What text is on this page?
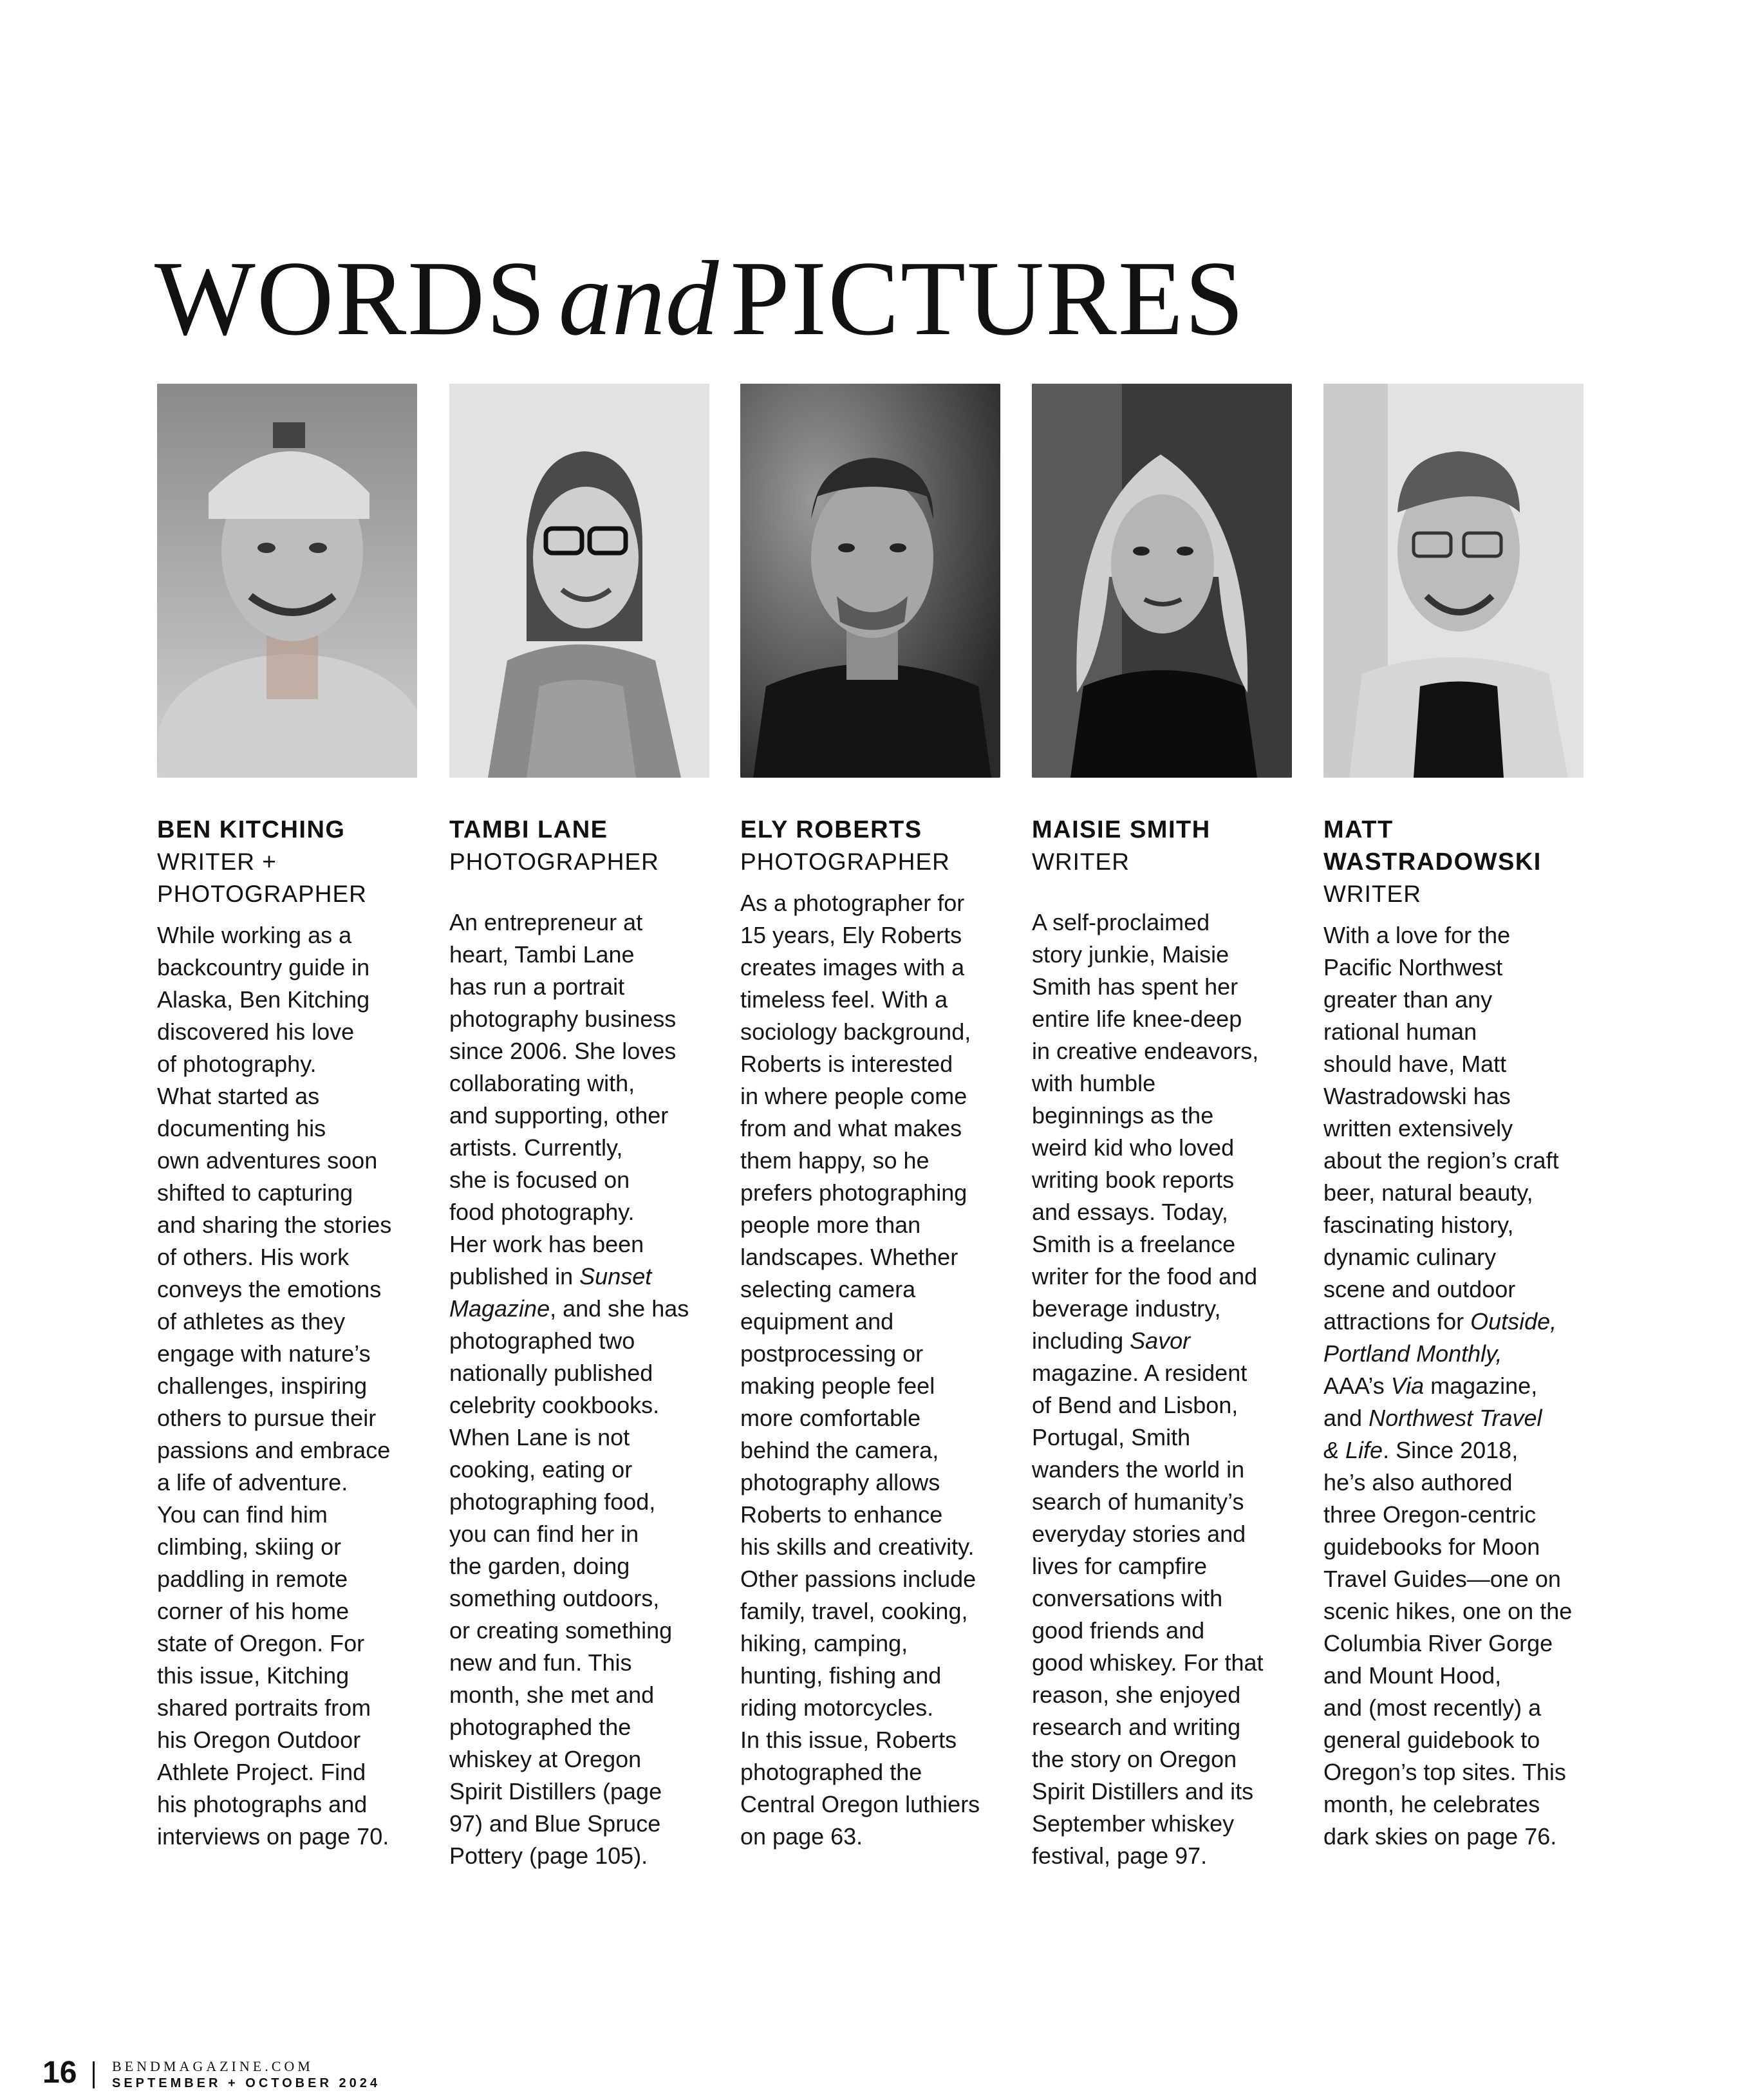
WORDS and PICTURES

BEN KITCHING

WRITER +
PHOTOGRAPHER

While working as a
backcountry guide in
Alaska, Ben Kitching
discovered his love
of photography.
What started as
documenting his
own adventures soon
shifted to capturing
and sharing the stories
of others. His work
conveys the emotions
of athletes as they
engage with nature’s
challenges, inspiring
others to pursue their
passions and embrace
a life of adventure.
You can find him
climbing, skiing or
paddling in remote
corner of his home
state of Oregon. For
this issue, Kitching
shared portraits from
his Oregon Outdoor
Athlete Project. Find
his photographs and
interviews on page 70.

TAMBI LANE

PHOTOGRAPHER

An entrepreneur at
heart, Tambi Lane
has run a portrait
photography business
since 2006. She loves
collaborating with,
and supporting, other
artists. Currently,
she is focused on
food photography.
Her work has been
published in Sunset
Magazine, and she has
photographed two
nationally published
celebrity cookbooks.
When Lane is not
cooking, eating or
photographing food,
you can find her in
the garden, doing
something outdoors,
or creating something
new and fun. This
month, she met and
photographed the
whiskey at Oregon
Spirit Distillers (page
97) and Blue Spruce
Pottery (page 105).

ELY ROBERTS

PHOTOGRAPHER

As a photographer for
15 years, Ely Roberts
creates images with a
timeless feel. With a
sociology background,
Roberts is interested
in where people come
from and what makes
them happy, so he
prefers photographing
people more than
landscapes. Whether
selecting camera
equipment and
postprocessing or
making people feel
more comfortable
behind the camera,
photography allows
Roberts to enhance
his skills and creativity.
Other passions include
family, travel, cooking,
hiking, camping,
hunting, fishing and
riding motorcycles.
In this issue, Roberts
photographed the
Central Oregon luthiers
on page 63.

MAISIE SMITH

WRITER

A self-proclaimed
story junkie, Maisie
Smith has spent her
entire life knee-deep
in creative endeavors,
with humble
beginnings as the
weird kid who loved
writing book reports
and essays. Today,
Smith is a freelance
writer for the food and
beverage industry,
including Savor
magazine. A resident
of Bend and Lisbon,
Portugal, Smith
wanders the world in
search of humanity’s
everyday stories and
lives for campfire
conversations with
good friends and
good whiskey. For that
reason, she enjoyed
research and writing
the story on Oregon
Spirit Distillers and its
September whiskey
festival, page 97.

MATT
WASTRADOWSKI

WRITER

With a love for the
Pacific Northwest
greater than any
rational human
should have, Matt
Wastradowski has
written extensively
about the region’s craft
beer, natural beauty,
fascinating history,
dynamic culinary
scene and outdoor
attractions for Outside,
Portland Monthly,
AAA’s Via magazine,
and Northwest Travel
& Life. Since 2018,
he’s also authored
three Oregon-centric
guidebooks for Moon
Travel Guides—one on
scenic hikes, one on the
Columbia River Gorge
and Mount Hood,
and (most recently) a
general guidebook to
Oregon’s top sites. This
month, he celebrates
dark skies on page 76.
16 BENDMAGAZINE.COM
SEPTEMBER + OCTOBER 2024
